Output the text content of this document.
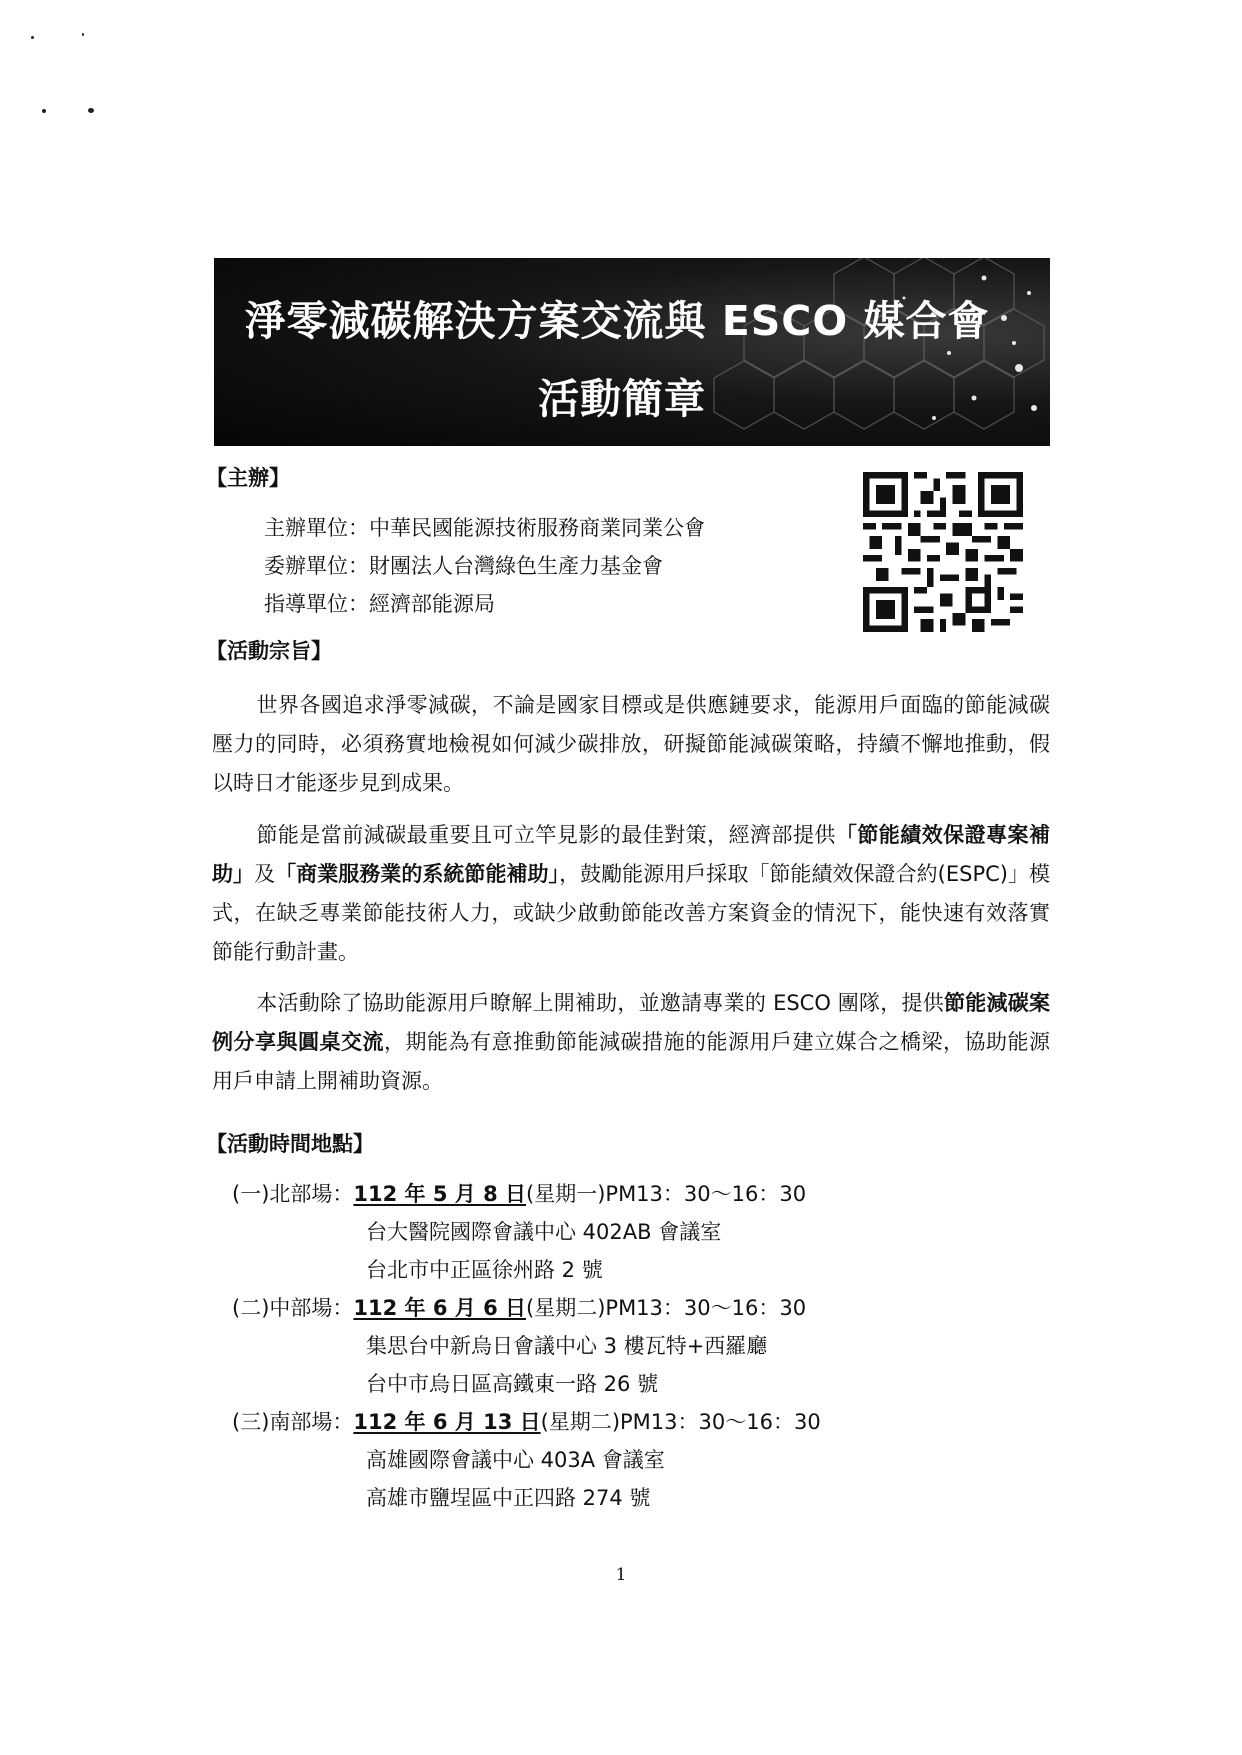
淨零減碳解決方案交流與 ESCO 媒合會
活動簡章
【主辦】
主辦單位：中華民國能源技術服務商業同業公會
委辦單位：財團法人台灣綠色生產力基金會
指導單位：經濟部能源局
【活動宗旨】
世界各國追求淨零減碳，不論是國家目標或是供應鏈要求，能源用戶面臨的節能減碳壓力的同時，必須務實地檢視如何減少碳排放，研擬節能減碳策略，持續不懈地推動，假以時日才能逐步見到成果。
節能是當前減碳最重要且可立竿見影的最佳對策，經濟部提供「節能績效保證專案補助」及「商業服務業的系統節能補助」，鼓勵能源用戶採取「節能績效保證合約(ESPC)」模式，在缺乏專業節能技術人力，或缺少啟動節能改善方案資金的情況下，能快速有效落實節能行動計畫。
本活動除了協助能源用戶瞭解上開補助，並邀請專業的 ESCO 團隊，提供節能減碳案例分享與圓桌交流，期能為有意推動節能減碳措施的能源用戶建立媒合之橋梁，協助能源用戶申請上開補助資源。
【活動時間地點】
(一)北部場：112 年 5 月 8 日(星期一)PM13：30～16：30
台大醫院國際會議中心 402AB 會議室
台北市中正區徐州路 2 號
(二)中部場：112 年 6 月 6 日(星期二)PM13：30～16：30
集思台中新烏日會議中心 3 樓瓦特+西羅廳
台中市烏日區高鐵東一路 26 號
(三)南部場：112 年 6 月 13 日(星期二)PM13：30～16：30
高雄國際會議中心 403A 會議室
高雄市鹽埕區中正四路 274 號
1
